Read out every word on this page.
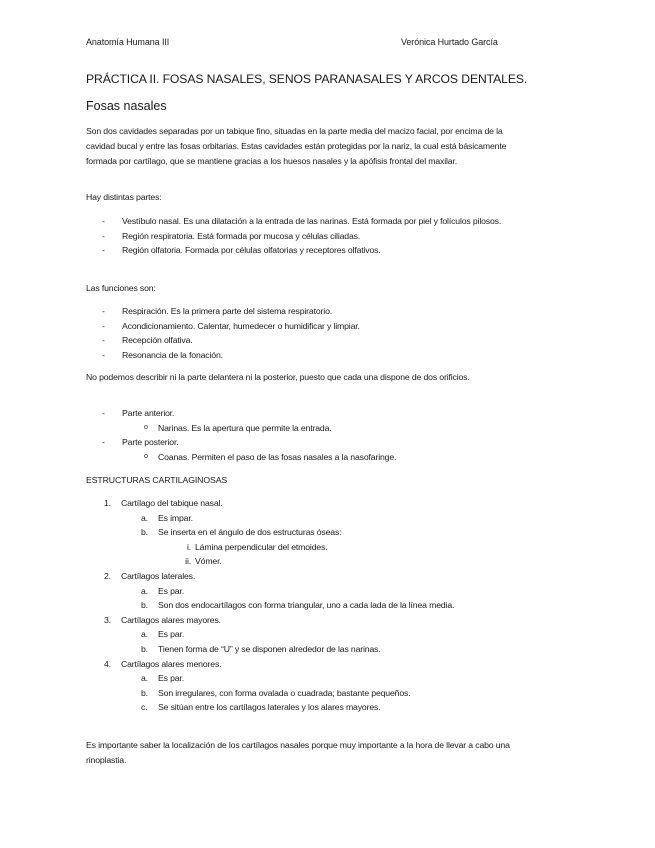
Anatomía Humana III	Verónica Hurtado García
PRÁCTICA II. FOSAS NASALES, SENOS PARANASALES Y ARCOS DENTALES.
Fosas nasales

Son dos cavidades separadas por un tabique fino, situadas en la parte media del macizo facial, por encima de la cavidad bucal y entre las fosas orbitarias. Estas cavidades están protegidas por la nariz, la cual está básicamente formada por cartílago, que se mantiene gracias a los huesos nasales y la apófisis frontal del maxilar.

Hay distintas partes:

- Vestíbulo nasal. Es una dilatación a la entrada de las narinas. Está formada por piel y folículos pilosos.
- Región respiratoria. Está formada por mucosa y células ciliadas.
- Región olfatoria. Formada por células olfatorias y receptores olfativos.

Las funciones son:

- Respiración. Es la primera parte del sistema respiratorio.
- Acondicionamiento. Calentar, humedecer o humidificar y limpiar.
- Recepción olfativa.
- Resonancia de la fonación.

No podemos describir ni la parte delantera ni la posterior, puesto que cada una dispone de dos orificios.

- Parte anterior.
o Narinas. Es la apertura que permite la entrada.
- Parte posterior.
o Coanas. Permiten el paso de las fosas nasales a la nasofaringe.
ESTRUCTURAS CARTILAGINOSAS
1. Cartílago del tabique nasal.
a. Es impar.
b. Se inserta en el ángulo de dos estructuras óseas:
i. Lámina perpendicular del etmoides.
ii. Vómer.
2. Cartílagos laterales.
a. Es par.
b. Son dos endocartílagos con forma triangular, uno a cada lada de la línea media.
3. Cartílagos alares mayores.
a. Es par.
b. Tienen forma de “U” y se disponen alrededor de las narinas.
4. Cartílagos alares menores.
a. Es par.
b. Son irregulares, con forma ovalada o cuadrada; bastante pequeños.
c. Se sitúan entre los cartílagos laterales y los alares mayores.

Es importante saber la localización de los cartílagos nasales porque muy importante a la hora de llevar a cabo una rinoplastia.
